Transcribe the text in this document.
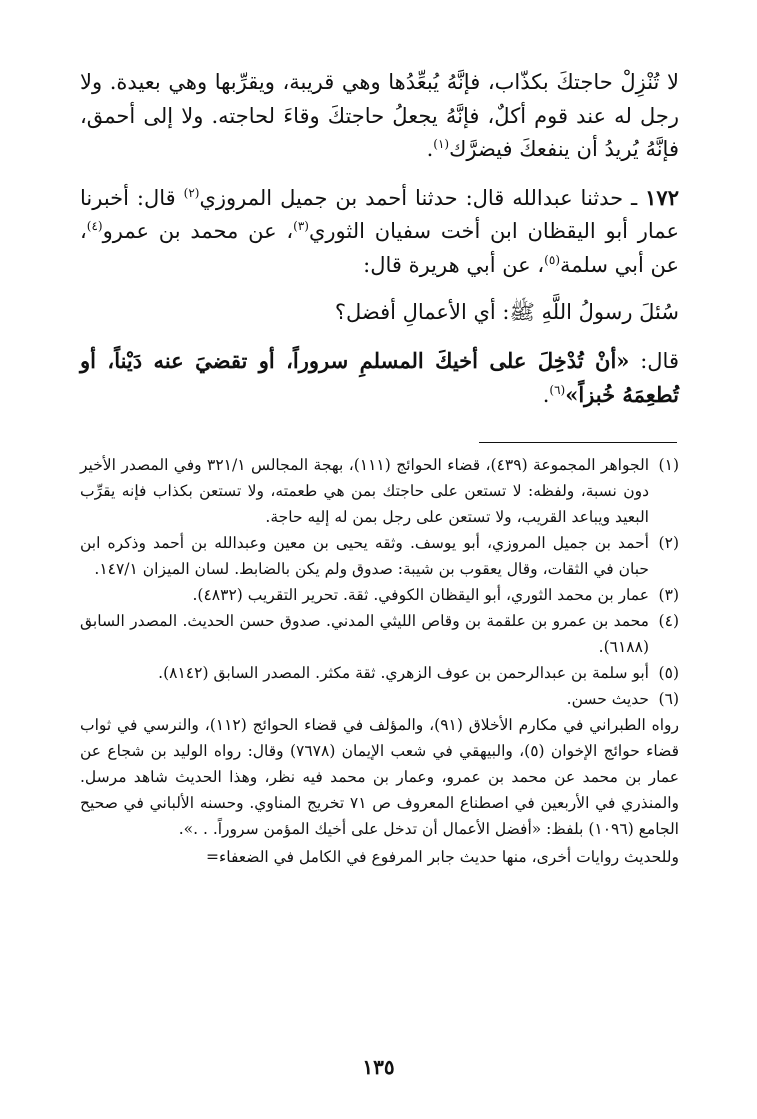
لا تُنْزِلْ حاجتكَ بكذّاب، فإنَّهُ يُبعِّدُها وهي قريبة، ويقرِّبها وهي بعيدة. ولا رجل له عند قوم أكلٌ، فإنَّهُ يجعلُ حاجتكَ وقاءَ لحاجته. ولا إلى أحمق، فإنَّهُ يُريدُ أن ينفعكَ فيضرَّك$^{(١)}$.

١٧٢ ـ حدثنا عبدالله قال: حدثنا أحمد بن جميل المروزي$^{(٢)}$ قال: أخبرنا عمار أبو اليقظان ابن أخت سفيان الثوري$^{(٣)}$، عن محمد بن عمرو$^{(٤)}$، عن أبي سلمة$^{(٥)}$، عن أبي هريرة قال:

سُئلَ رسولُ اللَّهِ ﷺ: أي الأعمالِ أفضل؟

قال: «أنْ تُدْخِلَ على أخيكَ المسلمِ سروراً، أو تقضيَ عنه دَيْناً، أو تُطعِمَهُ خُبزاً»$^{(٦)}$.

(١)
الجواهر المجموعة (٤٣٩)، قضاء الحوائج (١١١)، بهجة المجالس ٣٢١/١ وفي المصدر الأخير دون نسبة، ولفظه: لا تستعن على حاجتك بمن هي طعمته، ولا تستعن بكذاب فإنه يقرِّب البعيد ويباعد القريب، ولا تستعن على رجل بمن له إليه حاجة.
(٢)
أحمد بن جميل المروزي، أبو يوسف. وثقه يحيى بن معين وعبدالله بن أحمد وذكره ابن حبان في الثقات، وقال يعقوب بن شيبة: صدوق ولم يكن بالضابط. لسان الميزان ١٤٧/١.
(٣)
عمار بن محمد الثوري، أبو اليقظان الكوفي. ثقة. تحرير التقريب (٤٨٣٢).
(٤)
محمد بن عمرو بن علقمة بن وقاص الليثي المدني. صدوق حسن الحديث. المصدر السابق (٦١٨٨).
(٥)
أبو سلمة بن عبدالرحمن بن عوف الزهري. ثقة مكثر. المصدر السابق (٨١٤٢).
(٦)
حديث حسن.

رواه الطبراني في مكارم الأخلاق (٩١)، والمؤلف في قضاء الحوائج (١١٢)، والنرسي في ثواب قضاء حوائج الإخوان (٥)، والبيهقي في شعب الإيمان (٧٦٧٨) وقال: رواه الوليد بن شجاع عن عمار بن محمد عن محمد بن عمرو، وعمار بن محمد فيه نظر، وهذا الحديث شاهد مرسل. والمنذري في الأربعين في اصطناع المعروف ص ٧١ تخريج المناوي. وحسنه الألباني في صحيح الجامع (١٠٩٦) بلفظ: «أفضل الأعمال أن تدخل على أخيك المؤمن سروراً. . .».

وللحديث روايات أخرى، منها حديث جابر المرفوع في الكامل في الضعفاء=

١٣٥
